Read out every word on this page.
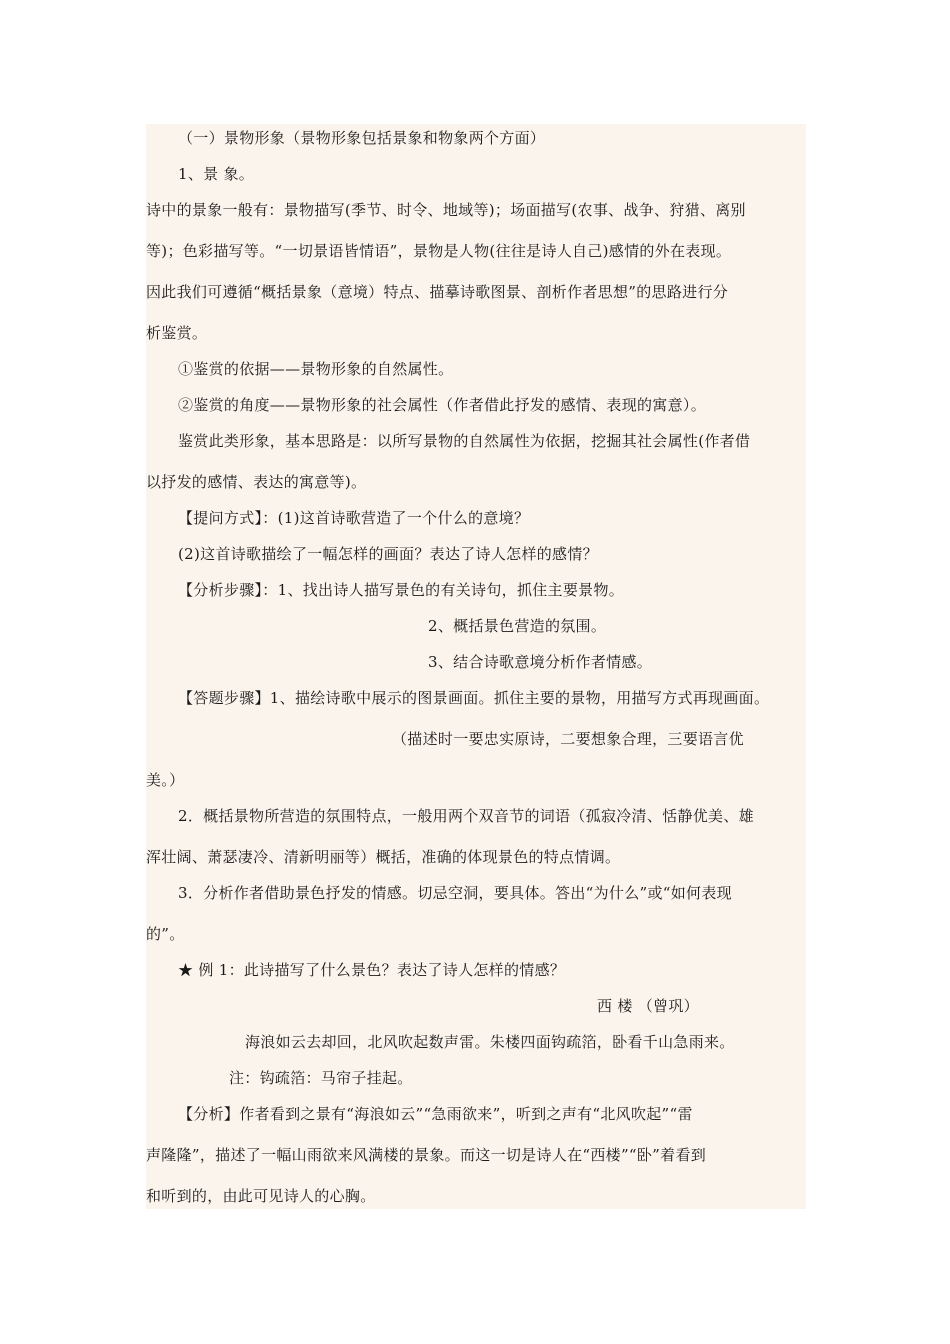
（一）景物形象（景物形象包括景象和物象两个方面）
1、景 象。
诗中的景象一般有：景物描写(季节、时令、地域等)；场面描写(农事、战争、狩猎、离别
等)；色彩描写等。“一切景语皆情语”，景物是人物(往往是诗人自己)感情的外在表现。
因此我们可遵循“概括景象（意境）特点、描摹诗歌图景、剖析作者思想”的思路进行分
析鉴赏。
①鉴赏的依据——景物形象的自然属性。
②鉴赏的角度——景物形象的社会属性（作者借此抒发的感情、表现的寓意）。
鉴赏此类形象，基本思路是：以所写景物的自然属性为依据，挖掘其社会属性(作者借
以抒发的感情、表达的寓意等)。
【提问方式】：(1)这首诗歌营造了一个什么的意境？
(2)这首诗歌描绘了一幅怎样的画面？表达了诗人怎样的感情？
【分析步骤】：1、找出诗人描写景色的有关诗句，抓住主要景物。
2、概括景色营造的氛围。
3、结合诗歌意境分析作者情感。
【答题步骤】1、描绘诗歌中展示的图景画面。抓住主要的景物，用描写方式再现画面。
（描述时一要忠实原诗，二要想象合理，三要语言优
美。）
2．概括景物所营造的氛围特点，一般用两个双音节的词语（孤寂冷清、恬静优美、雄
浑壮阔、萧瑟凄冷、清新明丽等）概括，准确的体现景色的特点情调。
3．分析作者借助景色抒发的情感。切忌空洞，要具体。答出“为什么”或“如何表现
的”。
★ 例 1：此诗描写了什么景色？表达了诗人怎样的情感？
西 楼 （曾巩）
海浪如云去却回，北风吹起数声雷。朱楼四面钩疏箔，卧看千山急雨来。
注：钩疏箔：马帘子挂起。
【分析】作者看到之景有“海浪如云”“急雨欲来”，听到之声有“北风吹起”“雷
声隆隆”，描述了一幅山雨欲来风满楼的景象。而这一切是诗人在“西楼”“卧”着看到
和听到的，由此可见诗人的心胸。
